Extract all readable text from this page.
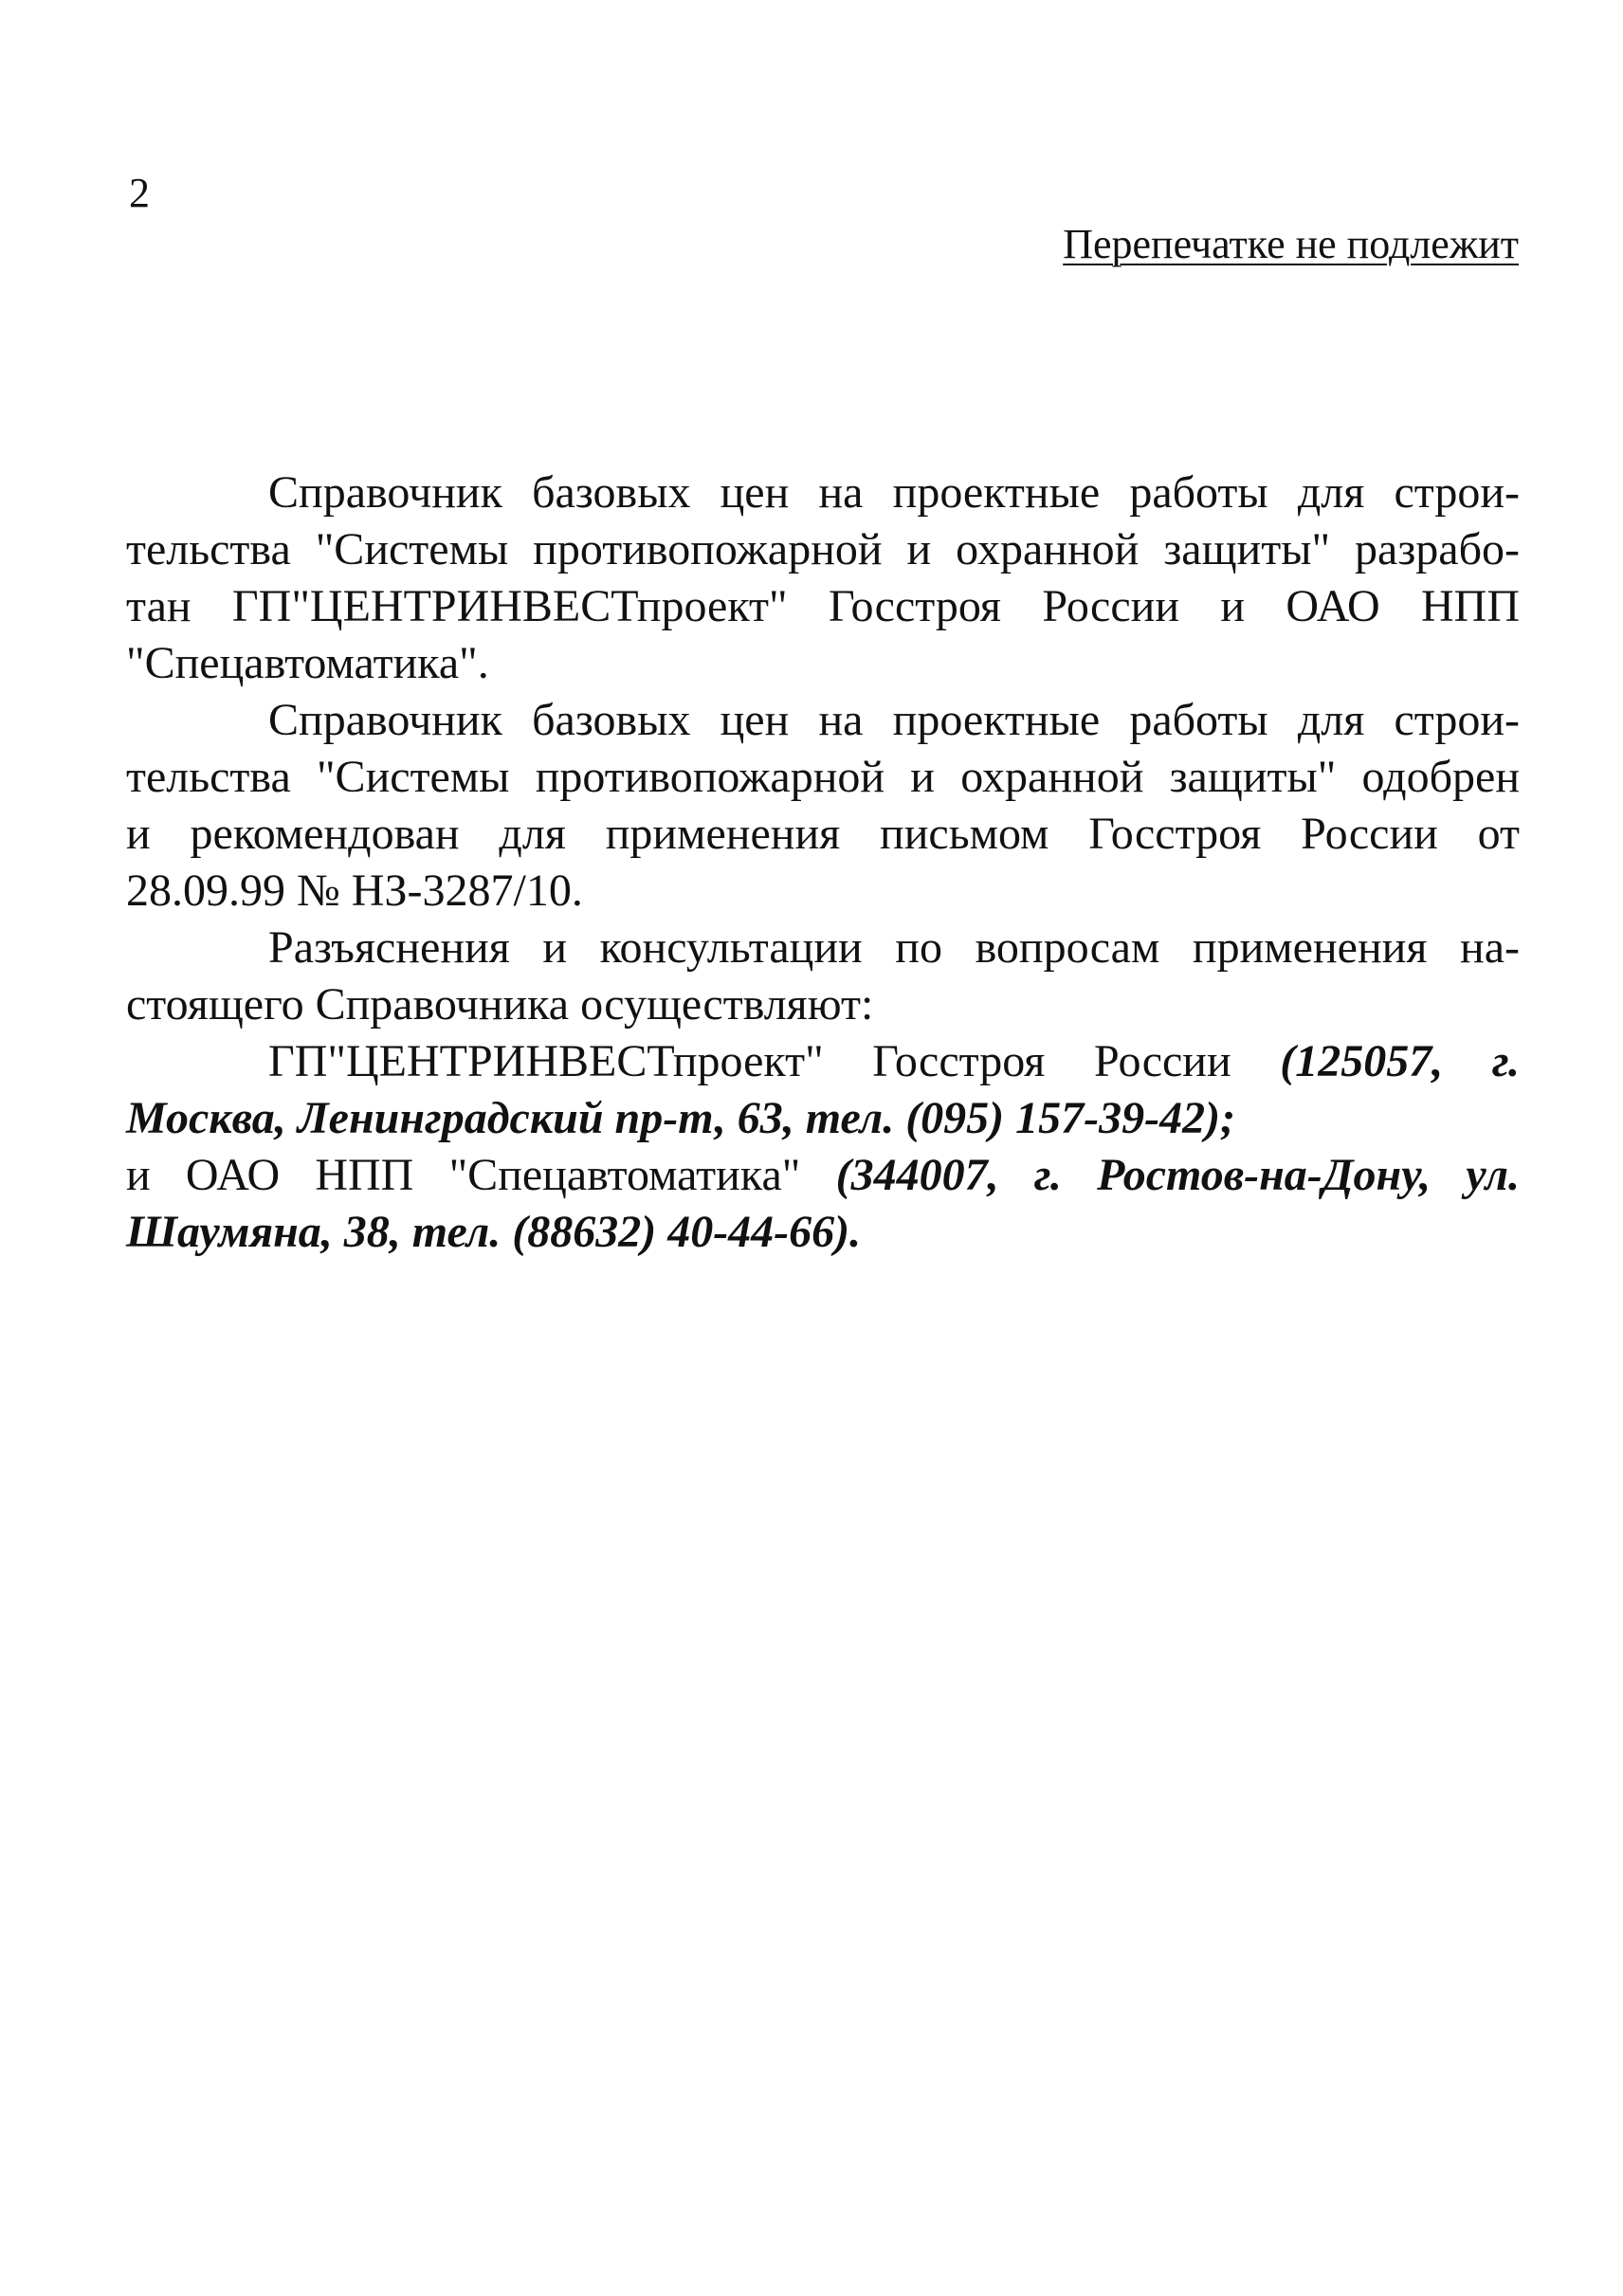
2
Перепечатке не подлежит
Справочник базовых цен на проектные работы для строи-
тельства "Системы противопожарной и охранной защиты" разрабо-
тан ГП"ЦЕНТРИНВЕСТпроект" Госстроя России и ОАО НПП
"Спецавтоматика".
Справочник базовых цен на проектные работы для строи-
тельства "Системы противопожарной и охранной защиты" одобрен
и рекомендован для применения письмом Госстроя России от
28.09.99 № НЗ-3287/10.
Разъяснения и консультации по вопросам применения на-
стоящего Справочника осуществляют:
ГП"ЦЕНТРИНВЕСТпроект" Госстроя России (125057, г.
Москва, Ленинградский пр-т, 63, тел. (095) 157-39-42);
и ОАО НПП "Спецавтоматика" (344007, г. Ростов-на-Дону, ул.
Шаумяна, 38, тел. (88632) 40-44-66).
